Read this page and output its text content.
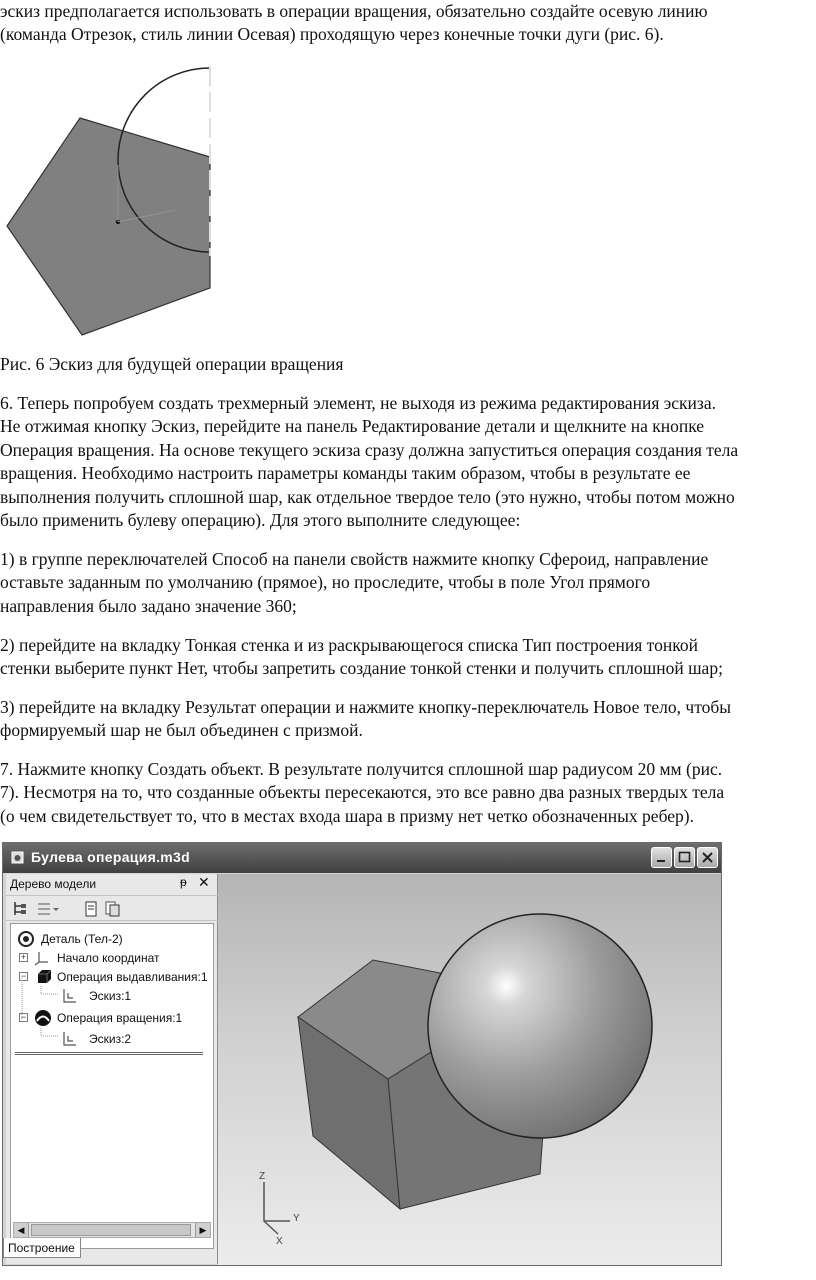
эскиз предполагается использовать в операции вращения, обязательно создайте осевую линию
(команда Отрезок, стиль линии Осевая) проходящую через конечные точки дуги (рис. 6).
Рис. 6 Эскиз для будущей операции вращения
6. Теперь попробуем создать трехмерный элемент, не выходя из режима редактирования эскиза.
Не отжимая кнопку Эскиз, перейдите на панель Редактирование детали и щелкните на кнопке
Операция вращения. На основе текущего эскиза сразу должна запуститься операция создания тела
вращения. Необходимо настроить параметры команды таким образом, чтобы в результате ее
выполнения получить сплошной шар, как отдельное твердое тело (это нужно, чтобы потом можно
было применить булеву операцию). Для этого выполните следующее:
1) в группе переключателей Способ на панели свойств нажмите кнопку Сфероид, направление
оставьте заданным по умолчанию (прямое), но проследите, чтобы в поле Угол прямого
направления было задано значение 360;
2) перейдите на вкладку Тонкая стенка и из раскрывающегося списка Тип построения тонкой
стенки выберите пункт Нет, чтобы запретить создание тонкой стенки и получить сплошной шар;
3) перейдите на вкладку Результат операции и нажмите кнопку-переключатель Новое тело, чтобы
формируемый шар не был объединен с призмой.
7. Нажмите кнопку Создать объект. В результате получится сплошной шар радиусом 20 мм (рис.
7). Несмотря на то, что созданные объекты пересекаются, это все равно два разных твердых тела
(о чем свидетельствует то, что в местах входа шара в призму нет четко обозначенных ребер).
Булева операция.m3d
Дерево модели	ᵽ ✕
Деталь (Тел-2)
+	Начало координат
−	Операция выдавливания:1
Эскиз:1
−	Операция вращения:1
Эскиз:2
◀	▶
Z
Y
X
Построение
